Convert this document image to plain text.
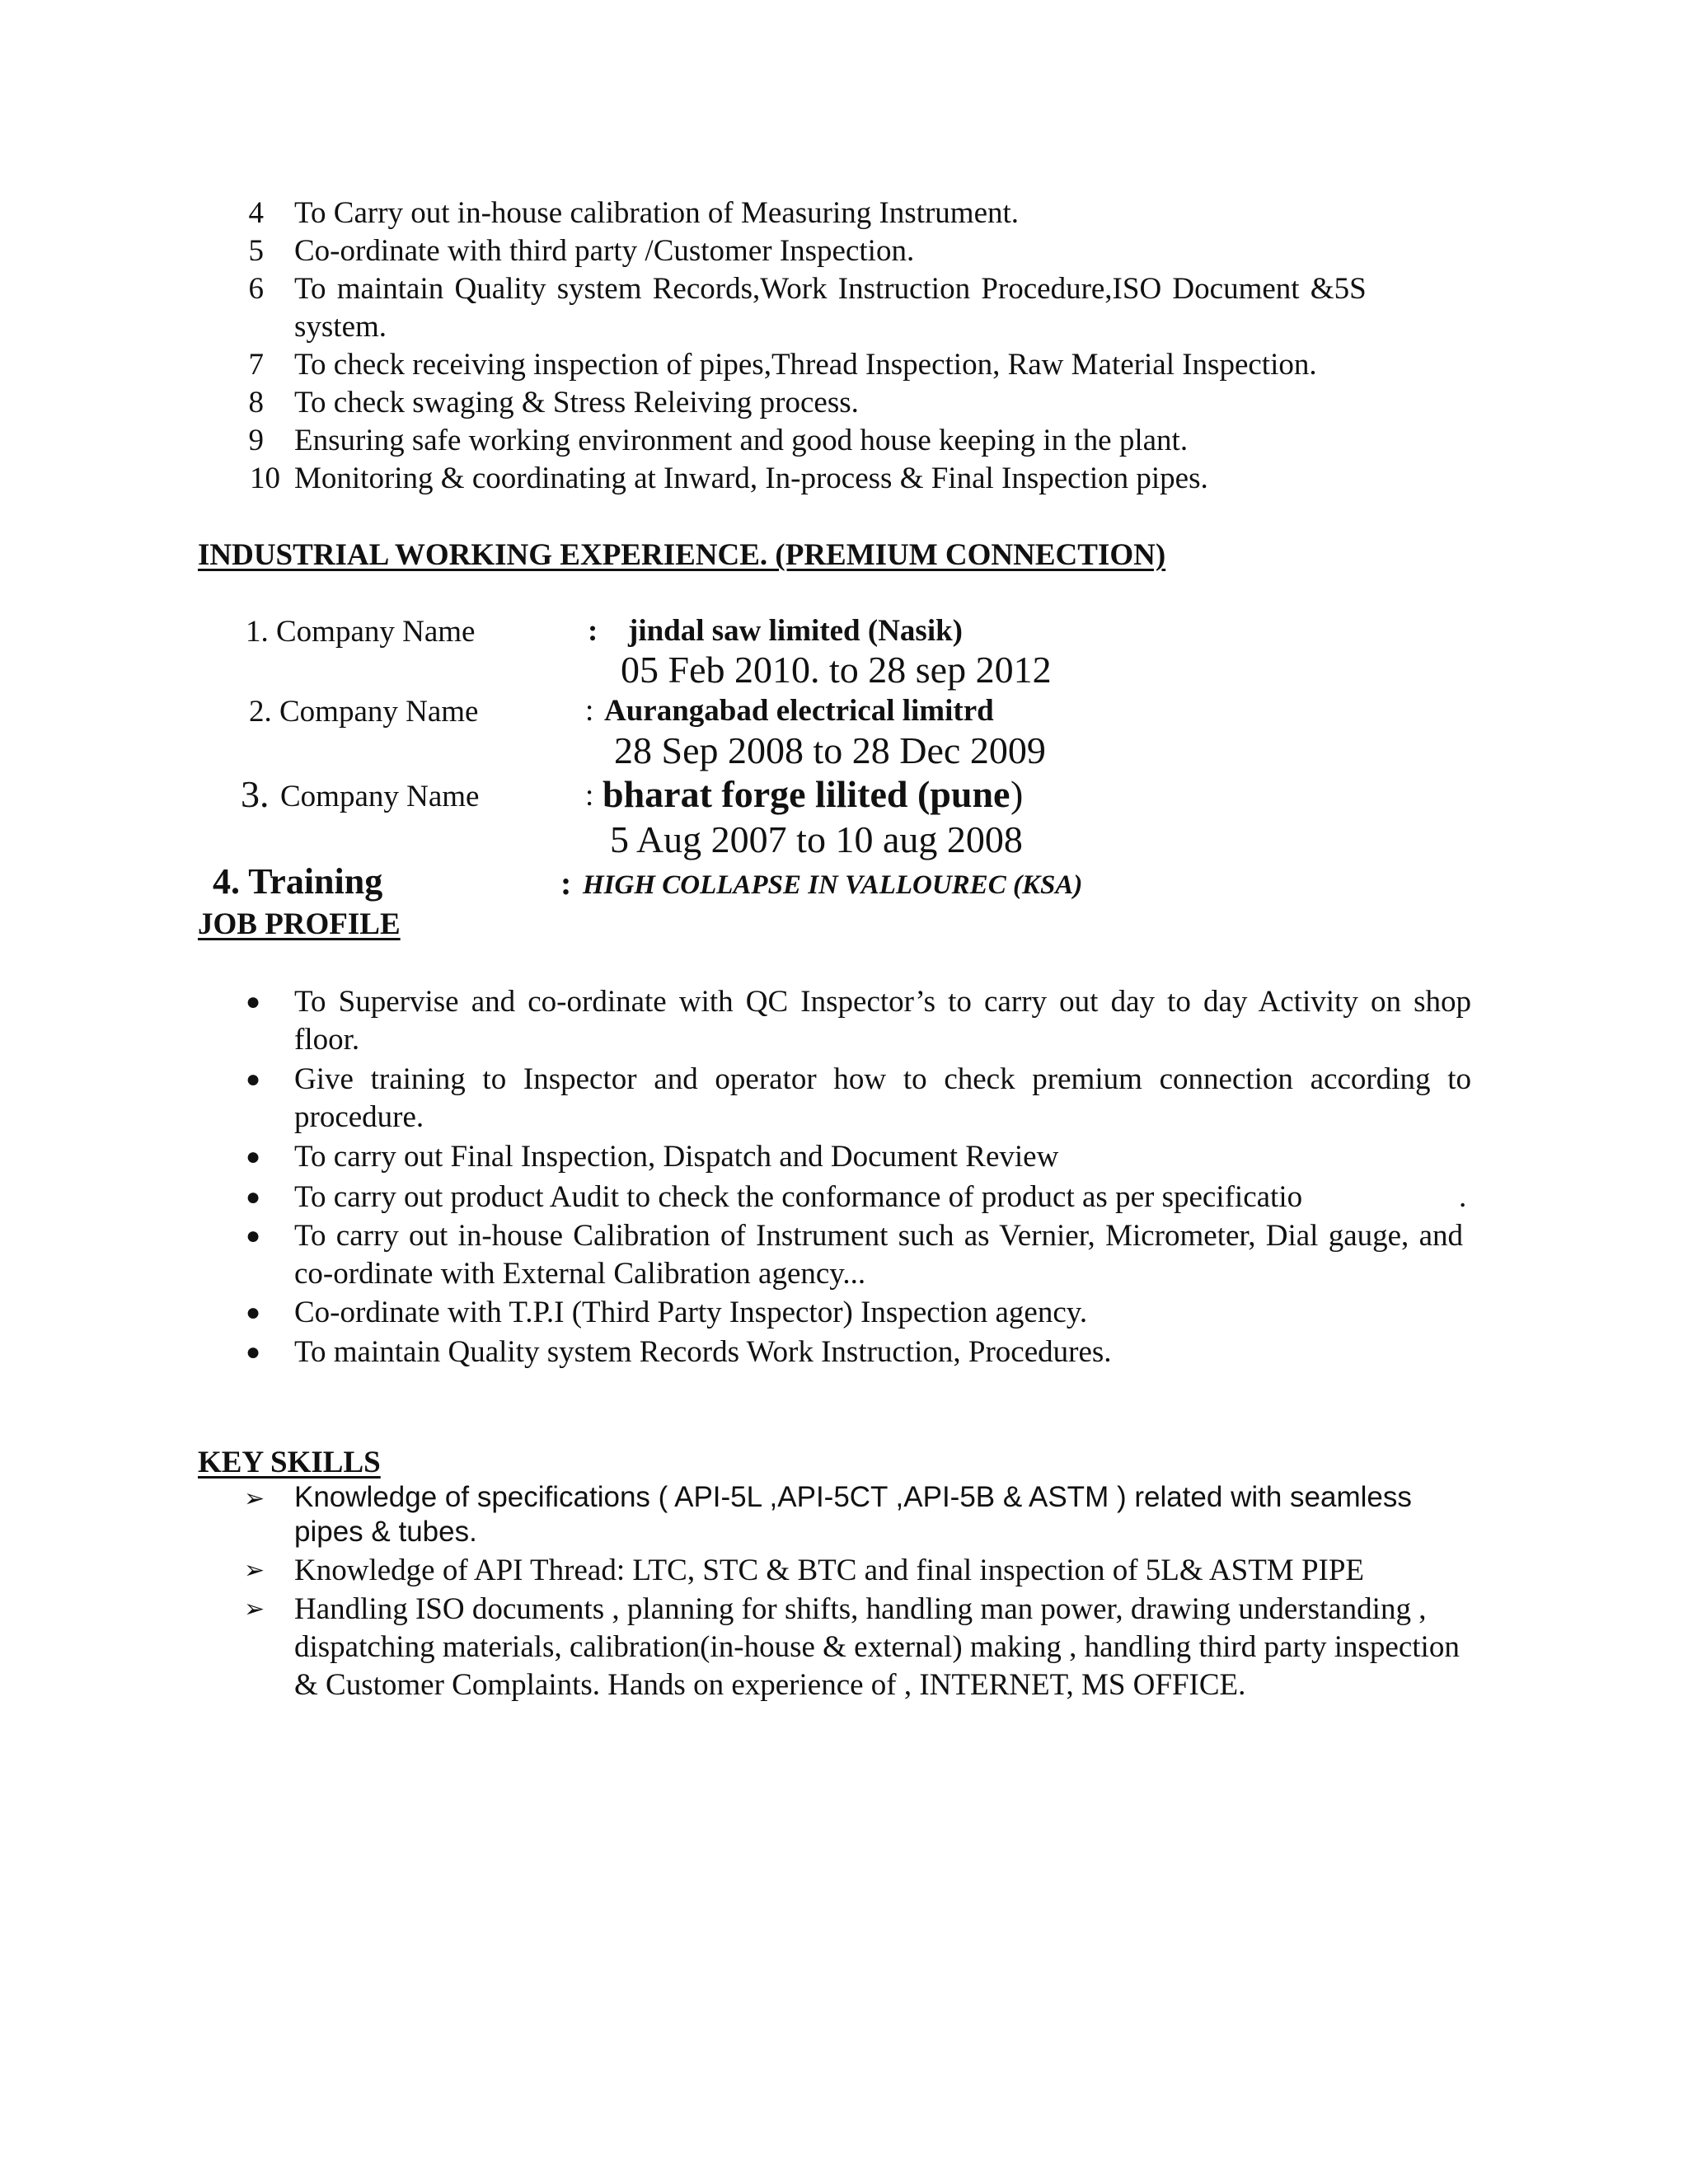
4 To Carry out in-house calibration of Measuring Instrument.
5 Co-ordinate with third party /Customer Inspection.
6 To maintain Quality system Records,Work Instruction Procedure,ISO Document &5S
system.
7 To check receiving inspection of pipes,Thread Inspection, Raw Material Inspection.
8 To check swaging & Stress Releiving process.
9 Ensuring safe working environment and good house keeping in the plant.
10 Monitoring & coordinating at Inward, In-process & Final Inspection pipes.
INDUSTRIAL WORKING EXPERIENCE. (PREMIUM CONNECTION)
1. Company Name	: jindal saw limited (Nasik)
05 Feb 2010. to 28 sep 2012
2. Company Name	: Aurangabad electrical limitrd
28 Sep 2008 to 28 Dec 2009
3. Company Name	: bharat forge lilited (pune )
5 Aug 2007 to 10 aug 2008
4. Training	: HIGH COLLAPSE IN VALLOUREC (KSA)
JOB PROFILE
● To Supervise and co-ordinate with QC Inspector’s to carry out day to day Activity on shop floor.
● Give training to Inspector and operator how to check premium connection according to procedure.
● To carry out Final Inspection, Dispatch and Document Review
● To carry out product Audit to check the conformance of product as per specificatio	.
● To carry out in-house Calibration of Instrument such as Vernier, Micrometer, Dial gauge, and co-ordinate with External Calibration agency...
● Co-ordinate with T.P.I (Third Party Inspector) Inspection agency.
● To maintain Quality system Records Work Instruction, Procedures.
KEY SKILLS
➢ Knowledge of specifications ( API-5L ,API-5CT ,API-5B & ASTM ) related with seamless pipes & tubes.
➢ Knowledge of API Thread: LTC, STC & BTC and final inspection of 5L& ASTM PIPE
➢ Handling ISO documents , planning for shifts, handling man power, drawing understanding , dispatching materials, calibration(in-house & external) making , handling third party inspection & Customer Complaints. Hands on experience of , INTERNET, MS OFFICE.
